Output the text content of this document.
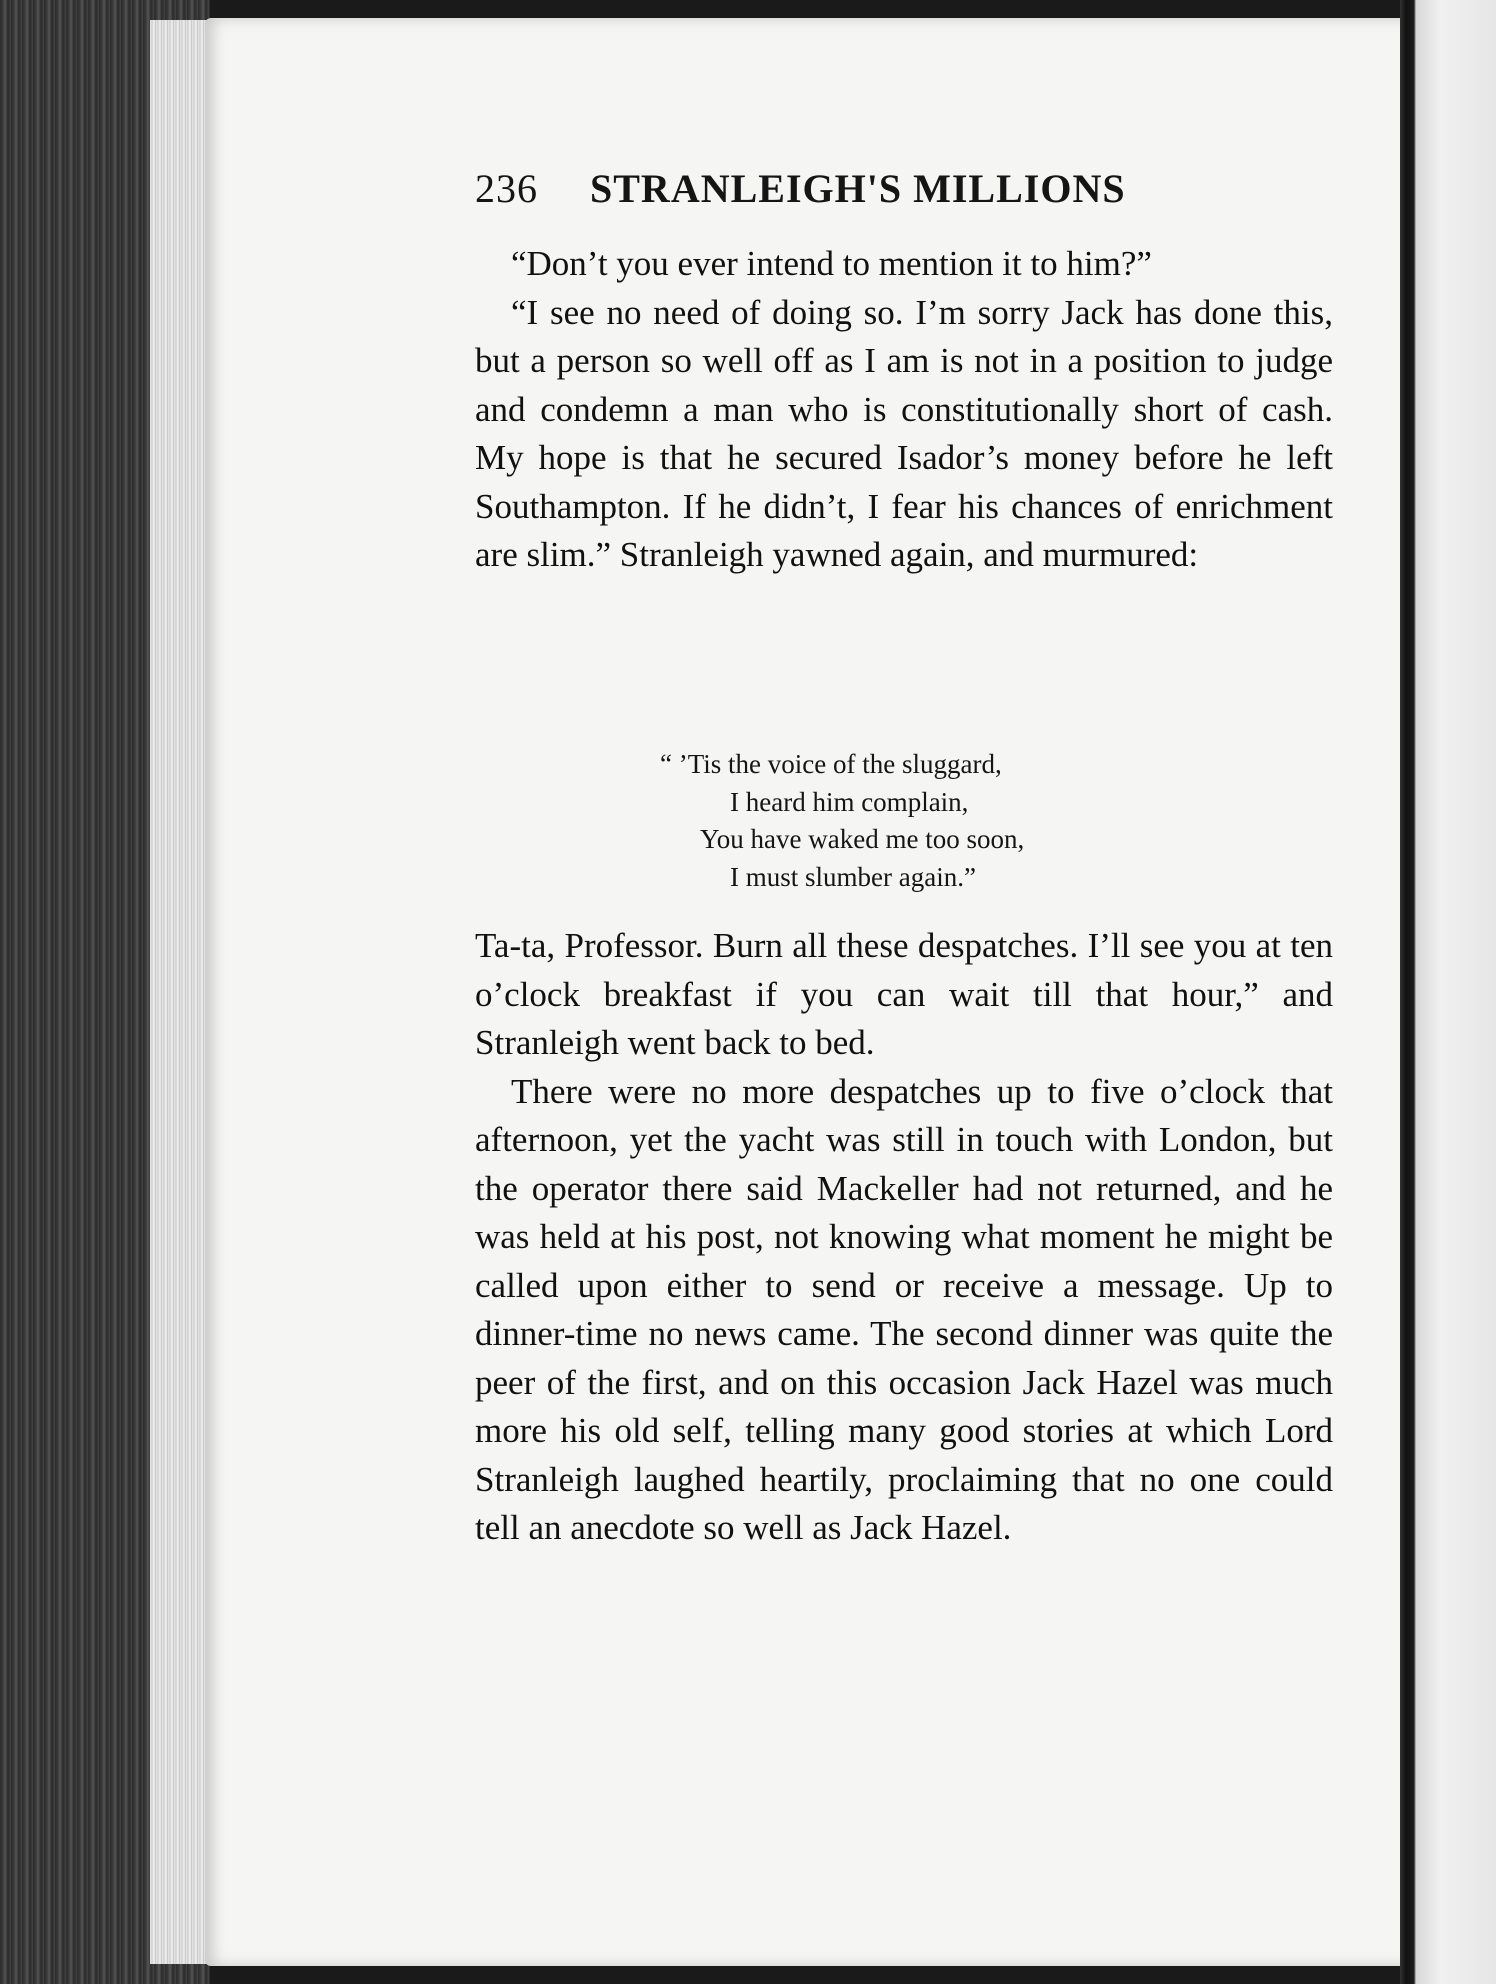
236 STRANLEIGH'S MILLIONS

“Don’t you ever intend to mention it to him?”

“I see no need of doing so. I’m sorry Jack has done this, but a person so well off as I am is not in a position to judge and condemn a man who is constitutionally short of cash. My hope is that he secured Isador’s money before he left Southampton. If he didn’t, I fear his chances of enrichment are slim.” Stranleigh yawned again, and murmured:

“ ’Tis the voice of the sluggard,
I heard him complain,
You have waked me too soon,
I must slumber again.”

Ta-ta, Professor. Burn all these despatches. I’ll see you at ten o’clock breakfast if you can wait till that hour,” and Stranleigh went back to bed.

There were no more despatches up to five o’clock that afternoon, yet the yacht was still in touch with London, but the operator there said Mackeller had not returned, and he was held at his post, not knowing what moment he might be called upon either to send or receive a message. Up to dinner-time no news came. The second dinner was quite the peer of the first, and on this occasion Jack Hazel was much more his old self, telling many good stories at which Lord Stranleigh laughed heartily, proclaiming that no one could tell an anecdote so well as Jack Hazel.
